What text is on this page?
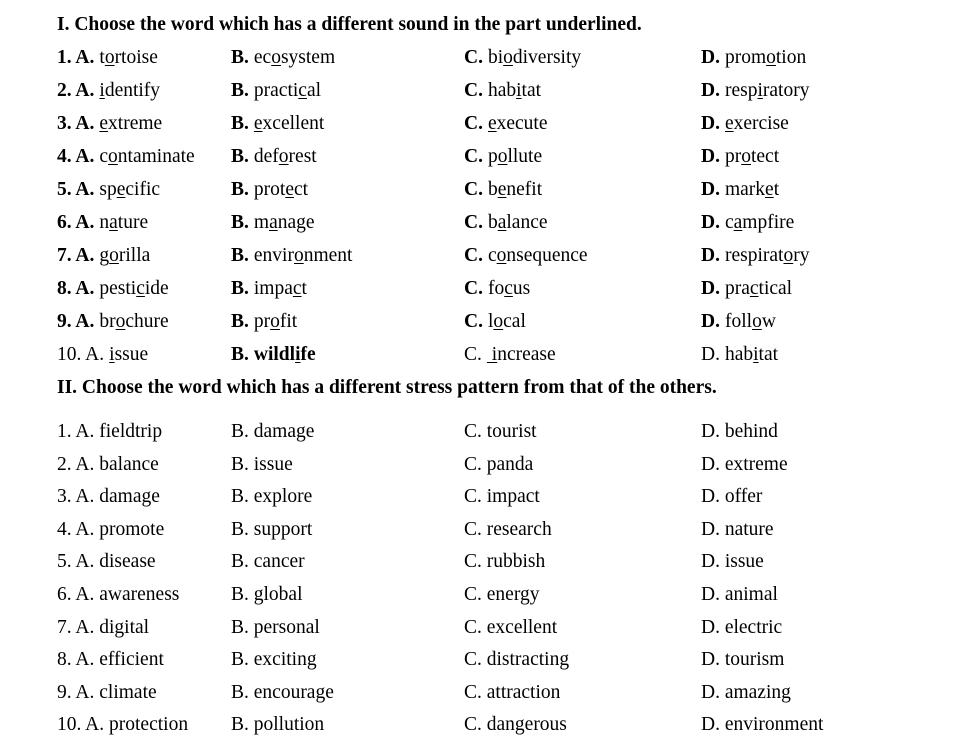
I. Choose the word which has a different sound in the part underlined.
1. A. tortoise	B. ecosystem	C. biodiversity	D. promotion
2. A. identify	B. practical	C. habitat	D. respiratory
3. A. extreme	B. excellent	C. execute	D. exercise
4. A. contaminate B. deforest	C. pollute	D. protect
5. A. specific	B. protect	C. benefit	D. market
6. A. nature	B. manage	C. balance	D. campfire
7. A. gorilla	B. environment	C. consequence	D. respiratory
8. A. pesticide	B. impact	C. focus	D. practical
9. A. brochure	B. profit	C. local	D. follow
10. A. issue	B. wildlife	C. increase	D. habitat
II. Choose the word which has a different stress pattern from that of the others.
1. A. fieldtrip	B. damage	C. tourist	D. behind
2. A. balance	B. issue	C. panda	D. extreme
3. A. damage	B. explore	C. impact	D. offer
4. A. promote	B. support	C. research	D. nature
5. A. disease	B. cancer	C. rubbish	D. issue
6. A. awareness	B. global	C. energy	D. animal
7. A. digital	B. personal	C. excellent	D. electric
8. A. efficient	B. exciting	C. distracting	D. tourism
9. A. climate	B. encourage	C. attraction	D. amazing
10. A. protection B. pollution	C. dangerous	D. environment
